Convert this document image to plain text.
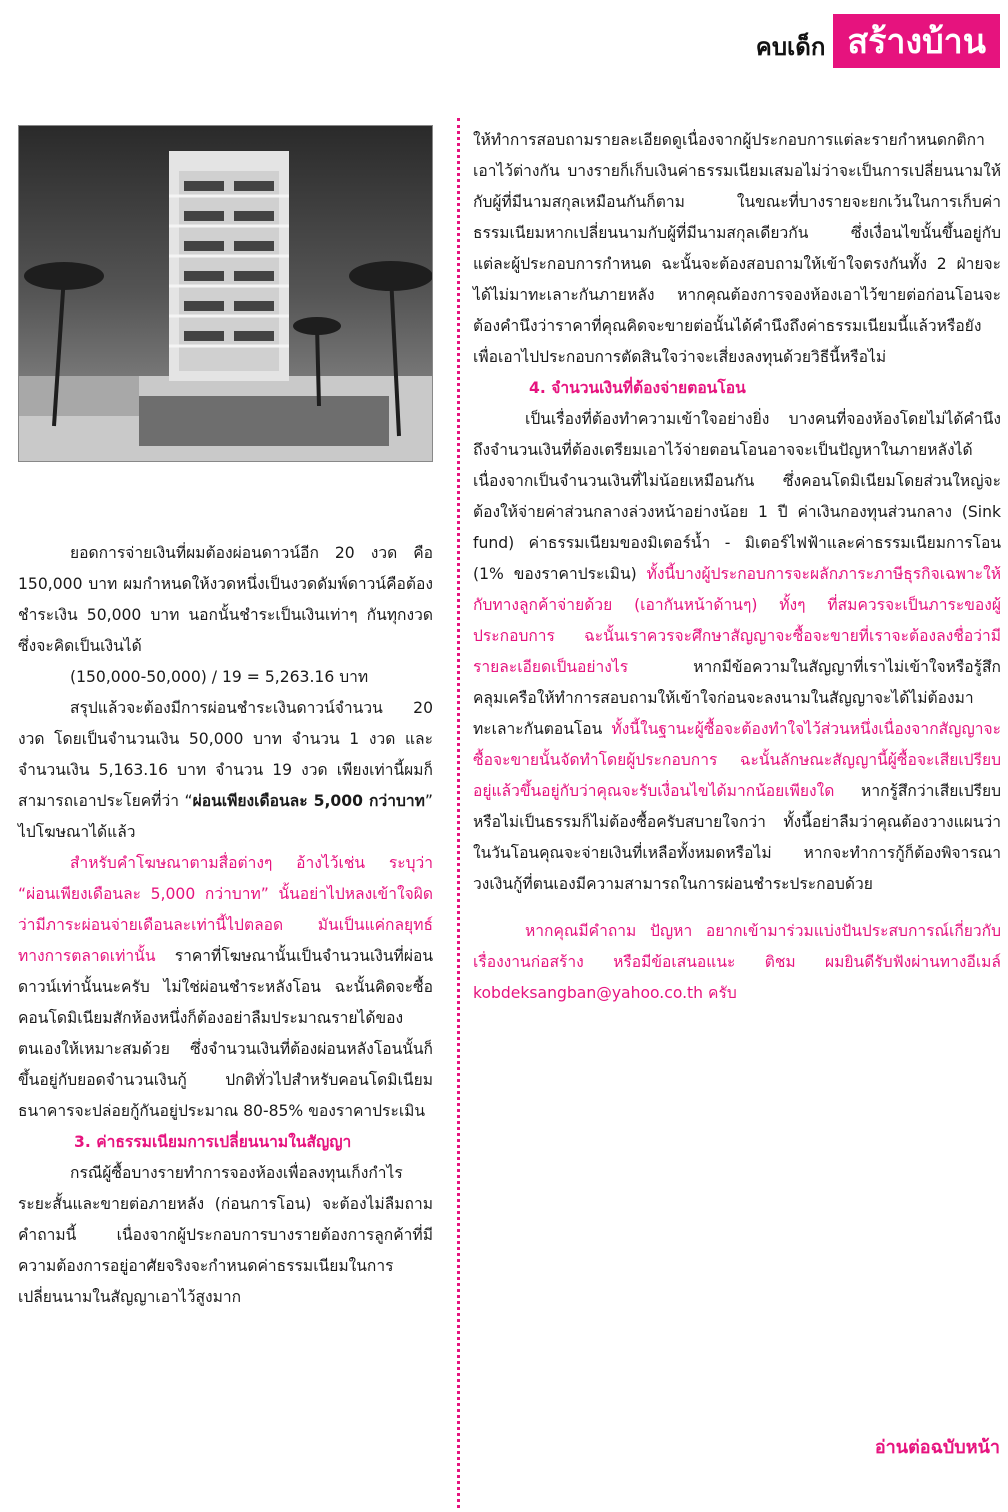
คบเด็ก สร้างบ้าน

ยอดการจ่ายเงินที่ผมต้องผ่อนดาวน์อีก 20 งวด คือ 150,000 บาท ผมกำหนดให้งวดหนึ่งเป็นงวดดัมพ์ดาวน์คือต้องชำระเงิน 50,000 บาท นอกนั้นชำระเป็นเงินเท่าๆ กันทุกงวด ซึ่งจะคิดเป็นเงินได้

(150,000-50,000) / 19 = 5,263.16 บาท

สรุปแล้วจะต้องมีการผ่อนชำระเงินดาวน์จำนวน 20 งวด โดยเป็นจำนวนเงิน 50,000 บาท จำนวน 1 งวด และ จำนวนเงิน 5,163.16 บาท จำนวน 19 งวด เพียงเท่านี้ผมก็สามารถเอาประโยคที่ว่า “ผ่อนเพียงเดือนละ 5,000 กว่าบาท” ไปโฆษณาได้แล้ว

สำหรับคำโฆษณาตามสื่อต่างๆ อ้างไว้เช่น ระบุว่า “ผ่อนเพียงเดือนละ 5,000 กว่าบาท” นั้นอย่าไปหลงเข้าใจผิดว่ามีภาระผ่อนจ่ายเดือนละเท่านี้ไปตลอด มันเป็นแค่กลยุทธ์ทางการตลาดเท่านั้น ราคาที่โฆษณานั้นเป็นจำนวนเงินที่ผ่อนดาวน์เท่านั้นนะครับ ไม่ใช่ผ่อนชำระหลังโอน ฉะนั้นคิดจะซื้อคอนโดมิเนียมสักห้องหนึ่งก็ต้องอย่าลืมประมาณรายได้ของตนเองให้เหมาะสมด้วย ซึ่งจำนวนเงินที่ต้องผ่อนหลังโอนนั้นก็ขึ้นอยู่กับยอดจำนวนเงินกู้ ปกติทั่วไปสำหรับคอนโดมิเนียมธนาคารจะปล่อยกู้กันอยู่ประมาณ 80-85% ของราคาประเมิน

3. ค่าธรรมเนียมการเปลี่ยนนามในสัญญา

กรณีผู้ซื้อบางรายทำการจองห้องเพื่อลงทุนเก็งกำไรระยะสั้นและขายต่อภายหลัง (ก่อนการโอน) จะต้องไม่ลืมถามคำถามนี้ เนื่องจากผู้ประกอบการบางรายต้องการลูกค้าที่มีความต้องการอยู่อาศัยจริงจะกำหนดค่าธรรมเนียมในการเปลี่ยนนามในสัญญาเอาไว้สูงมาก

ให้ทำการสอบถามรายละเอียดดูเนื่องจากผู้ประกอบการแต่ละรายกำหนดกติกาเอาไว้ต่างกัน บางรายก็เก็บเงินค่าธรรมเนียมเสมอไม่ว่าจะเป็นการเปลี่ยนนามให้กับผู้ที่มีนามสกุลเหมือนกันก็ตาม ในขณะที่บางรายจะยกเว้นในการเก็บค่าธรรมเนียมหากเปลี่ยนนามกับผู้ที่มีนามสกุลเดียวกัน ซึ่งเงื่อนไขนั้นขึ้นอยู่กับแต่ละผู้ประกอบการกำหนด ฉะนั้นจะต้องสอบถามให้เข้าใจตรงกันทั้ง 2 ฝ่ายจะได้ไม่มาทะเลาะกันภายหลัง หากคุณต้องการจองห้องเอาไว้ขายต่อก่อนโอนจะต้องคำนึงว่าราคาที่คุณคิดจะขายต่อนั้นได้คำนึงถึงค่าธรรมเนียมนี้แล้วหรือยัง เพื่อเอาไปประกอบการตัดสินใจว่าจะเสี่ยงลงทุนด้วยวิธีนี้หรือไม่

4. จำนวนเงินที่ต้องจ่ายตอนโอน

เป็นเรื่องที่ต้องทำความเข้าใจอย่างยิ่ง บางคนที่จองห้องโดยไม่ได้คำนึงถึงจำนวนเงินที่ต้องเตรียมเอาไว้จ่ายตอนโอนอาจจะเป็นปัญหาในภายหลังได้ เนื่องจากเป็นจำนวนเงินที่ไม่น้อยเหมือนกัน ซึ่งคอนโดมิเนียมโดยส่วนใหญ่จะต้องให้จ่ายค่าส่วนกลางล่วงหน้าอย่างน้อย 1 ปี ค่าเงินกองทุนส่วนกลาง (Sink fund) ค่าธรรมเนียมของมิเตอร์น้ำ - มิเตอร์ไฟฟ้าและค่าธรรมเนียมการโอน (1% ของราคาประเมิน) ทั้งนี้บางผู้ประกอบการจะผลักภาระภาษีธุรกิจเฉพาะให้กับทางลูกค้าจ่ายด้วย (เอากันหน้าด้านๆ) ทั้งๆ ที่สมควรจะเป็นภาระของผู้ประกอบการ ฉะนั้นเราควรจะศึกษาสัญญาจะซื้อจะขายที่เราจะต้องลงชื่อว่ามีรายละเอียดเป็นอย่างไร หากมีข้อความในสัญญาที่เราไม่เข้าใจหรือรู้สึกคลุมเครือให้ทำการสอบถามให้เข้าใจก่อนจะลงนามในสัญญาจะได้ไม่ต้องมาทะเลาะกันตอนโอน ทั้งนี้ในฐานะผู้ซื้อจะต้องทำใจไว้ส่วนหนึ่งเนื่องจากสัญญาจะซื้อจะขายนั้นจัดทำโดยผู้ประกอบการ ฉะนั้นลักษณะสัญญานี้ผู้ซื้อจะเสียเปรียบอยู่แล้วขึ้นอยู่กับว่าคุณจะรับเงื่อนไขได้มากน้อยเพียงใด หากรู้สึกว่าเสียเปรียบหรือไม่เป็นธรรมก็ไม่ต้องซื้อครับสบายใจกว่า ทั้งนี้อย่าลืมว่าคุณต้องวางแผนว่าในวันโอนคุณจะจ่ายเงินที่เหลือทั้งหมดหรือไม่ หากจะทำการกู้ก็ต้องพิจารณาวงเงินกู้ที่ตนเองมีความสามารถในการผ่อนชำระประกอบด้วย

หากคุณมีคำถาม ปัญหา อยากเข้ามาร่วมแบ่งปันประสบการณ์เกี่ยวกับเรื่องงานก่อสร้าง หรือมีข้อเสนอแนะ ติชม ผมยินดีรับฟังผ่านทางอีเมล์ kobdeksangban@yahoo.co.th ครับ

อ่านต่อฉบับหน้า
